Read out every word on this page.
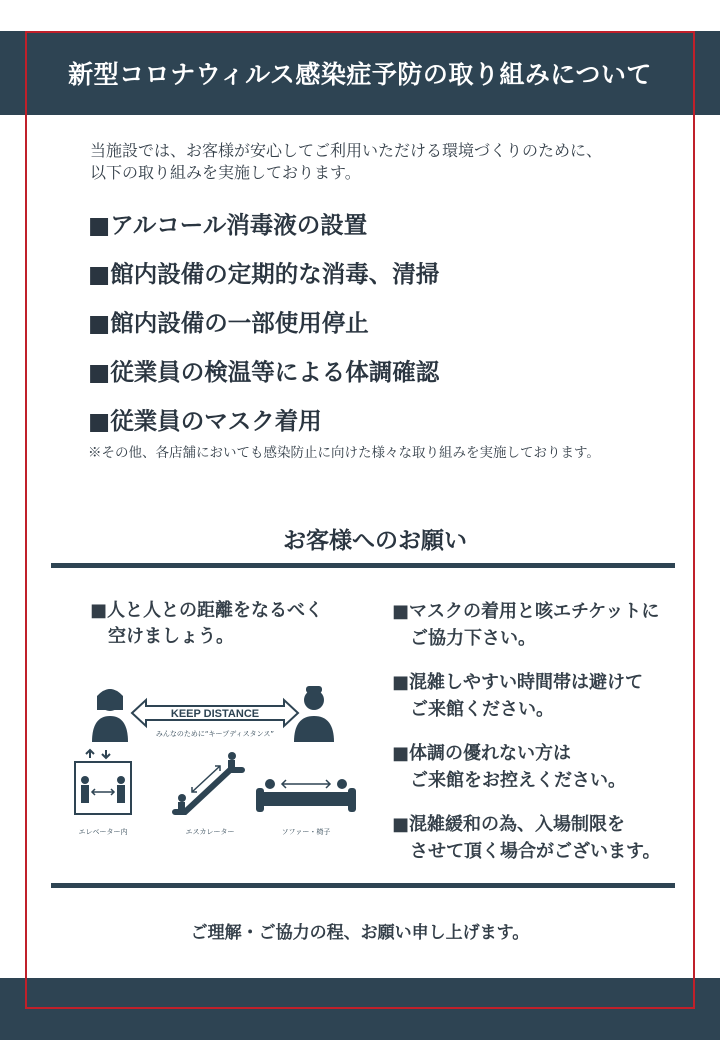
新型コロナウィルス感染症予防の取り組みについて
当施設では、お客様が安心してご利用いただける環境づくりのために、
以下の取り組みを実施しております。
■アルコール消毒液の設置
■館内設備の定期的な消毒、清掃
■館内設備の一部使用停止
■従業員の検温等による体調確認
■従業員のマスク着用
※その他、各店舗においても感染防止に向けた様々な取り組みを実施しております。
お客様へのお願い
■人と人との距離をなるべく
空けましょう。
KEEP DISTANCE
みんなのために“キープディスタンス”
エレベーター内	エスカレーター	ソファー・椅子
■マスクの着用と咳エチケットに
ご協力下さい。
■混雑しやすい時間帯は避けて
ご来館ください。
■体調の優れない方は
ご来館をお控えください。
■混雑緩和の為、入場制限を
させて頂く場合がございます。
ご理解・ご協力の程、お願い申し上げます。
